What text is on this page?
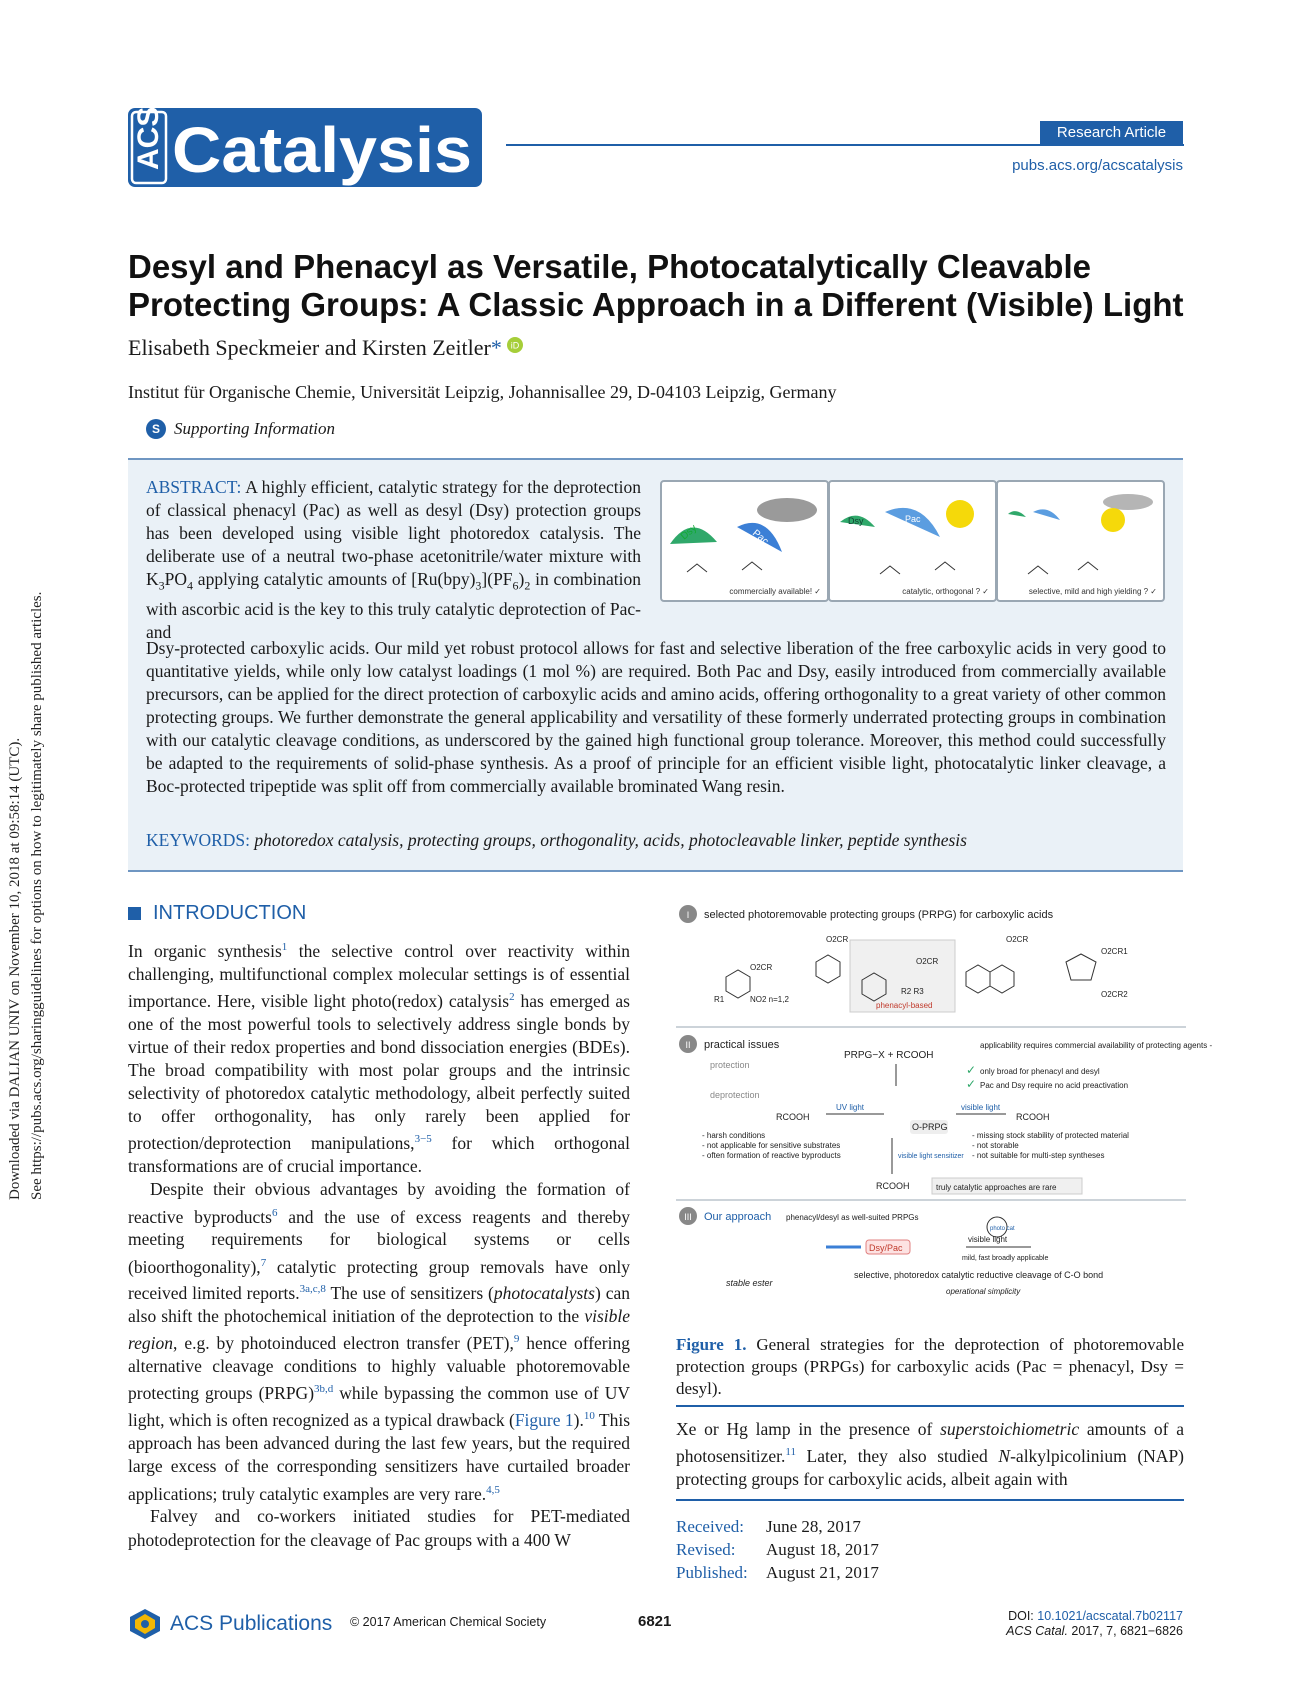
ACS Catalysis	Research Article
pubs.acs.org/acscatalysis
Downloaded via DALIAN UNIV on November 10, 2018 at 09:58:14 (UTC). See https://pubs.acs.org/sharingguidelines for options on how to legitimately share published articles.
Desyl and Phenacyl as Versatile, Photocatalytically Cleavable
Protecting Groups: A Classic Approach in a Different (Visible) Light
Elisabeth Speckmeier and Kirsten Zeitler* iD
Institut für Organische Chemie, Universität Leipzig, Johannisallee 29, D-04103 Leipzig, Germany
S Supporting Information
ABSTRACT: A highly efficient, catalytic strategy for the deprotection of classical phenacyl (Pac) as well as desyl (Dsy) protection groups has been developed using visible light photoredox catalysis. The deliberate use of a neutral two-phase acetonitrile/water mixture with $K_3PO_4$ applying catalytic amounts of $[Ru(bpy)_3](PF_6)_2$ in combination with ascorbic acid is the key to this truly catalytic deprotection of Pac- and
Dsy-protected carboxylic acids. Our mild yet robust protocol allows for fast and selective liberation of the free carboxylic acids in very good to quantitative yields, while only low catalyst loadings (1 mol %) are required. Both Pac and Dsy, easily introduced from commercially available precursors, can be applied for the direct protection of carboxylic acids and amino acids, offering orthogonality to a great variety of other common protecting groups. We further demonstrate the general applicability and versatility of these formerly underrated protecting groups in combination with our catalytic cleavage conditions, as underscored by the gained high functional group tolerance. Moreover, this method could successfully be adapted to the requirements of solid-phase synthesis. As a proof of principle for an efficient visible light, photocatalytic linker cleavage, a Boc-protected tripeptide was split off from commercially available brominated Wang resin.
KEYWORDS: photoredox catalysis, protecting groups, orthogonality, acids, photocleavable linker, peptide synthesis
Dsy	Pac
commercially available! ✓
Dsy	Pac
catalytic, orthogonal ? ✓	selective, mild and high yielding ? ✓
INTRODUCTION

In organic synthesis$^1$ the selective control over reactivity within challenging, multifunctional complex molecular settings is of essential importance. Here, visible light photo(redox) catalysis$^2$ has emerged as one of the most powerful tools to selectively address single bonds by virtue of their redox properties and bond dissociation energies (BDEs). The broad compatibility with most polar groups and the intrinsic selectivity of photoredox catalytic methodology, albeit perfectly suited to offer orthogonality, has only rarely been applied for protection/deprotection manipulations,$^{3-5}$ for which orthogonal transformations are of crucial importance.

Despite their obvious advantages by avoiding the formation of reactive byproducts$^6$ and the use of excess reagents and thereby meeting requirements for biological systems or cells (bioorthogonality),$^7$ catalytic protecting group removals have only received limited reports.$^{3a,c,8}$ The use of sensitizers (photocatalysts) can also shift the photochemical initiation of the deprotection to the visible region, e.g. by photoinduced electron transfer (PET),$^9$ hence offering alternative cleavage conditions to highly valuable photoremovable protecting groups (PRPG)$^{3b,d}$ while bypassing the common use of UV light, which is often recognized as a typical drawback (Figure 1).$^{10}$ This approach has been advanced during the last few years, but the required large excess of the corresponding sensitizers have curtailed broader applications; truly catalytic examples are very rare.$^{4,5}$

Falvey and co-workers initiated studies for PET-mediated photodeprotection for the cleavage of Pac groups with a 400 W

I selected photoremovable protecting groups (PRPG) for carboxylic acids
O2CR
NO2 n=1,2
R1
O2CR
O2CR
R2 R3
phenacyl-based
O2CR
O2CR1
O2CR2
II practical issues
protection
deprotection
PRPG−X + RCOOH
applicability requires commercial availability of protecting agents -
✓ only broad for phenacyl and desyl
✓ Pac and Dsy require no acid preactivation
RCOOH
UV light
O-PRPG
visible light
RCOOH
- harsh conditions
- not applicable for sensitive substrates
- often formation of reactive byproducts
- missing stock stability of protected material
- not storable
- not suitable for multi-step syntheses
visible light sensitizer
RCOOH	truly catalytic approaches are rare
III Our approach phenacyl/desyl as well-suited PRPGs
Dsy/Pac
photo cat
visible light
mild, fast broadly applicable
stable ester
selective, photoredox catalytic reductive cleavage of C-O bond
operational simplicity
Figure 1. General strategies for the deprotection of photoremovable protection groups (PRPGs) for carboxylic acids (Pac = phenacyl, Dsy = desyl).
Xe or Hg lamp in the presence of superstoichiometric amounts of a photosensitizer.$^{11}$ Later, they also studied N-alkylpicolinium (NAP) protecting groups for carboxylic acids, albeit again with
Received: June 28, 2017
Revised: August 18, 2017
Published: August 21, 2017
ACS Publications © 2017 American Chemical Society	6821	DOI: 10.1021/acscatal.7b02117
ACS Catal. 2017, 7, 6821−6826
